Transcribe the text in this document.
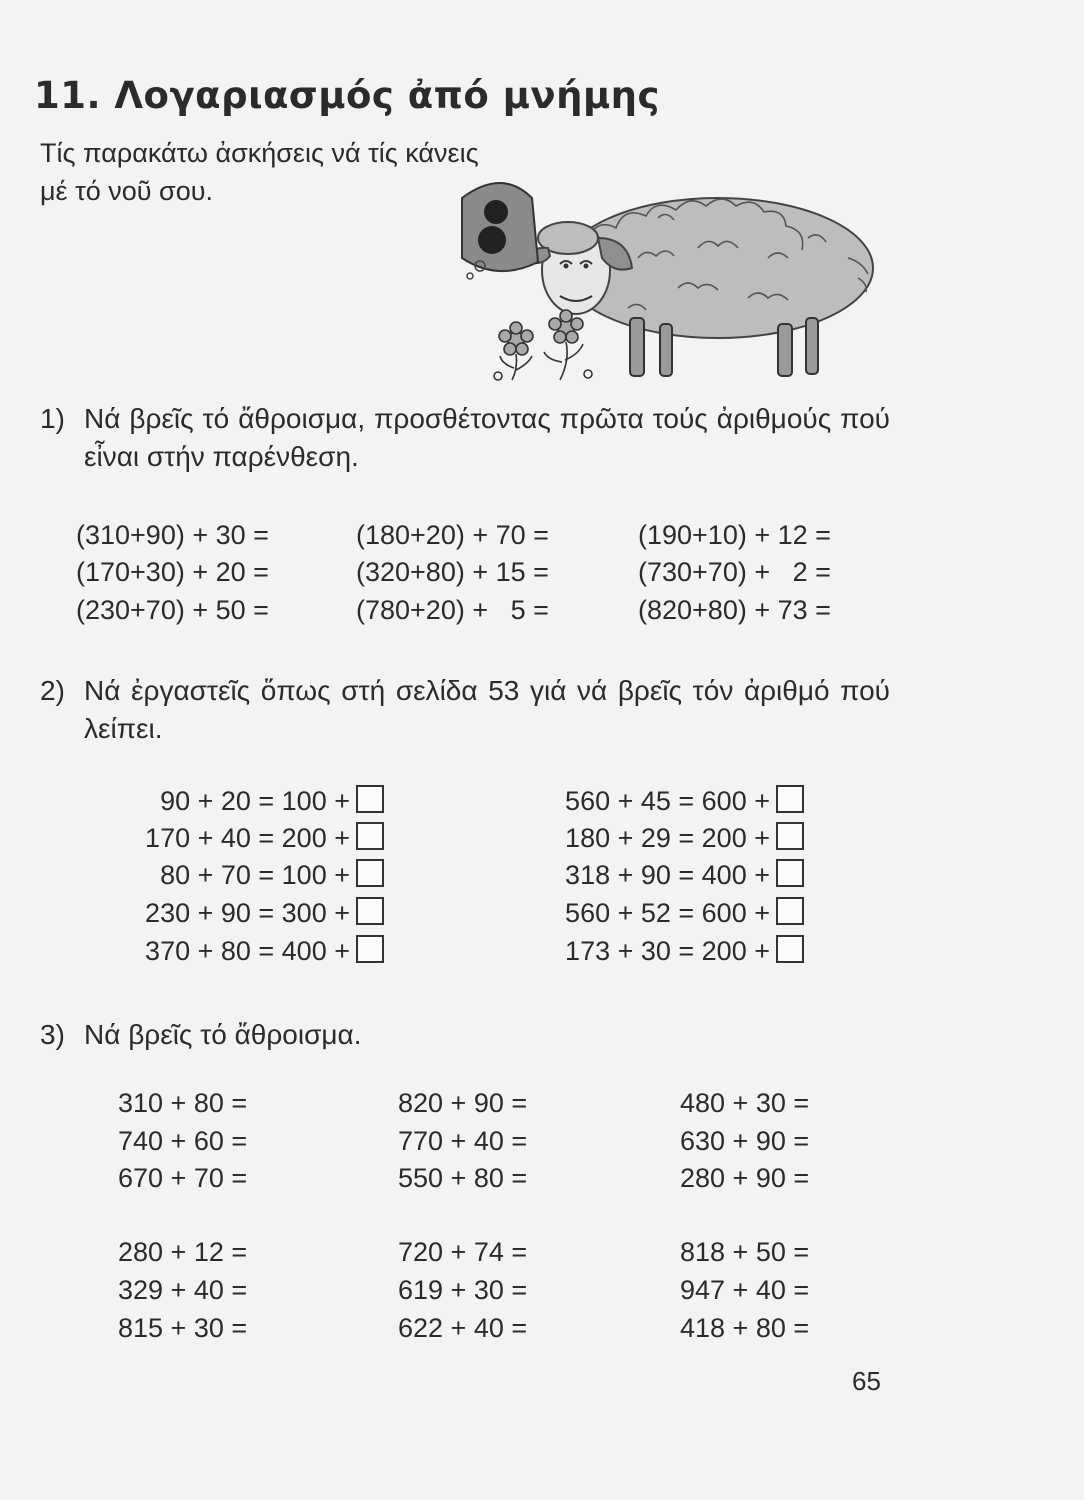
11. Λογαριασμός ἀπό μνήμης
Τίς παρακάτω ἀσκήσεις νά τίς κάνεις μέ τό νοῦ σου.
1) Νά βρεῖς τό ἄθροισμα, προσθέτοντας πρῶτα τούς ἀριθμούς πού εἶναι στήν παρένθεση.
(310+90) + 30 =
(170+30) + 20 =
(230+70) + 50 =
(180+20) + 70 =
(320+80) + 15 =
(780+20) +   5 =
(190+10) + 12 =
(730+70) +   2 =
(820+80) + 73 =
2) Νά ἐργαστεῖς ὅπως στή σελίδα 53 γιά νά βρεῖς τόν ἀριθμό πού λείπει.
90 + 20 = 100 +
170 + 40 = 200 +
80 + 70 = 100 +
230 + 90 = 300 +
370 + 80 = 400 +
560 + 45 = 600 +
180 + 29 = 200 +
318 + 90 = 400 +
560 + 52 = 600 +
173 + 30 = 200 +
3) Νά βρεῖς τό ἄθροισμα.
310 + 80 =
740 + 60 =
670 + 70 =
820 + 90 =
770 + 40 =
550 + 80 =
480 + 30 =
630 + 90 =
280 + 90 =
280 + 12 =
329 + 40 =
815 + 30 =
720 + 74 =
619 + 30 =
622 + 40 =
818 + 50 =
947 + 40 =
418 + 80 =
65
